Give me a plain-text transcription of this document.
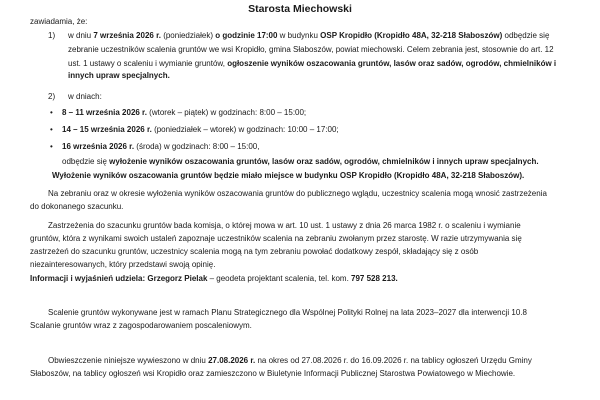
Starosta Miechowski
zawiadamia, że:
1)	w dniu 7 września 2026 r. (poniedziałek) o godzinie 17:00 w budynku OSP Kropidło (Kropidło 48A, 32-218 Słaboszów) odbędzie się
zebranie uczestników scalenia gruntów we wsi Kropidło, gmina Słaboszów, powiat miechowski. Celem zebrania jest, stosownie do art. 12
ust. 1 ustawy o scaleniu i wymianie gruntów, ogłoszenie wyników oszacowania gruntów, lasów oraz sadów, ogrodów, chmielników i
innych upraw specjalnych.
2)	w dniach:
•	8 – 11 września 2026 r. (wtorek – piątek) w godzinach: 8:00 – 15:00;
•	14 – 15 września 2026 r. (poniedziałek – wtorek) w godzinach: 10:00 – 17:00;
•	16 września 2026 r. (środa) w godzinach: 8:00 – 15:00,
odbędzie się wyłożenie wyników oszacowania gruntów, lasów oraz sadów, ogrodów, chmielników i innych upraw specjalnych.
Wyłożenie wyników oszacowania gruntów będzie miało miejsce w budynku OSP Kropidło (Kropidło 48A, 32-218 Słaboszów).
Na zebraniu oraz w okresie wyłożenia wyników oszacowania gruntów do publicznego wglądu, uczestnicy scalenia mogą wnosić zastrzeżenia
do dokonanego szacunku.
Zastrzeżenia do szacunku gruntów bada komisja, o której mowa w art. 10 ust. 1 ustawy z dnia 26 marca 1982 r. o scaleniu i wymianie
gruntów, która z wynikami swoich ustaleń zapoznaje uczestników scalenia na zebraniu zwołanym przez starostę. W razie utrzymywania się
zastrzeżeń do szacunku gruntów, uczestnicy scalenia mogą na tym zebraniu powołać dodatkowy zespół, składający się z osób
niezainteresowanych, który przedstawi swoją opinię.
Informacji i wyjaśnień udziela: Grzegorz Pielak – geodeta projektant scalenia, tel. kom. 797 528 213.
Scalenie gruntów wykonywane jest w ramach Planu Strategicznego dla Wspólnej Polityki Rolnej na lata 2023–2027 dla interwencji 10.8
Scalanie gruntów wraz z zagospodarowaniem poscaleniowym.
Obwieszczenie niniejsze wywieszono w dniu 27.08.2026 r. na okres od 27.08.2026 r. do 16.09.2026 r. na tablicy ogłoszeń Urzędu Gminy
Słaboszów, na tablicy ogłoszeń wsi Kropidło oraz zamieszczono w Biuletynie Informacji Publicznej Starostwa Powiatowego w Miechowie.
